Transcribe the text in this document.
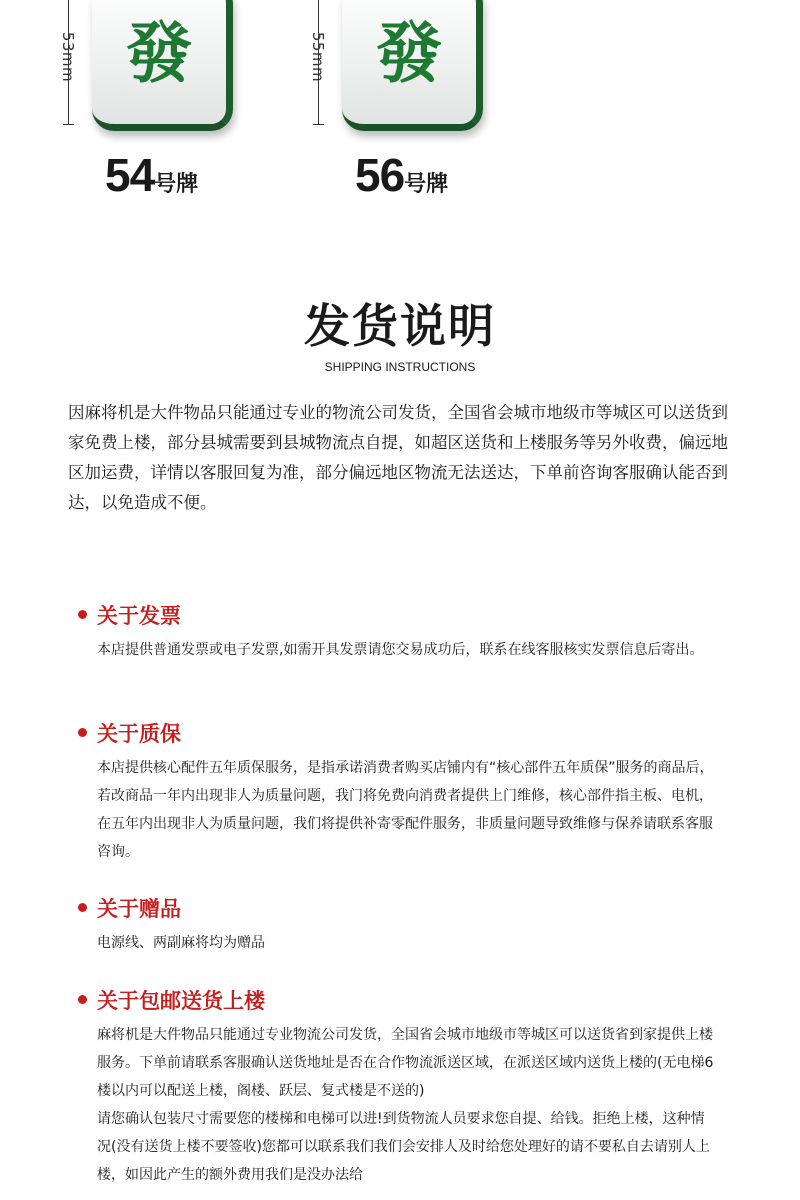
53mm 發
54号牌
55mm 發
56号牌
发货说明
SHIPPING INSTRUCTIONS
因麻将机是大件物品只能通过专业的物流公司发货，全国省会城市地级市等城区可以送货到家免费上楼，部分县城需要到县城物流点自提，如超区送货和上楼服务等另外收费，偏远地区加运费，详情以客服回复为准，部分偏远地区物流无法送达，下单前咨询客服确认能否到达，以免造成不便。
关于发票

本店提供普通发票或电子发票,如需开具发票请您交易成功后，联系在线客服核实发票信息后寄出。

关于质保

本店提供核心配件五年质保服务，是指承诺消费者购买店铺内有“核心部件五年质保”服务的商品后，若改商品一年内出现非人为质量问题，我门将免费向消费者提供上门维修，核心部件指主板、电机，在五年内出现非人为质量问题，我们将提供补寄零配件服务，非质量问题导致维修与保养请联系客服咨询。

关于赠品

电源线、两副麻将均为赠品

关于包邮送货上楼

麻将机是大件物品只能通过专业物流公司发货，全国省会城市地级市等城区可以送货省到家提供上楼服务。下单前请联系客服确认送货地址是否在合作物流派送区域，在派送区域内送货上楼的(无电梯6楼以内可以配送上楼，阁楼、跃层、复式楼是不送的)

请您确认包装尺寸需要您的楼梯和电梯可以进!到货物流人员要求您自提、给钱。拒绝上楼，这种情况(没有送货上楼不要签收)您都可以联系我们我们会安排人及时给您处理好的请不要私自去请别人上楼，如因此产生的额外费用我们是没办法给
